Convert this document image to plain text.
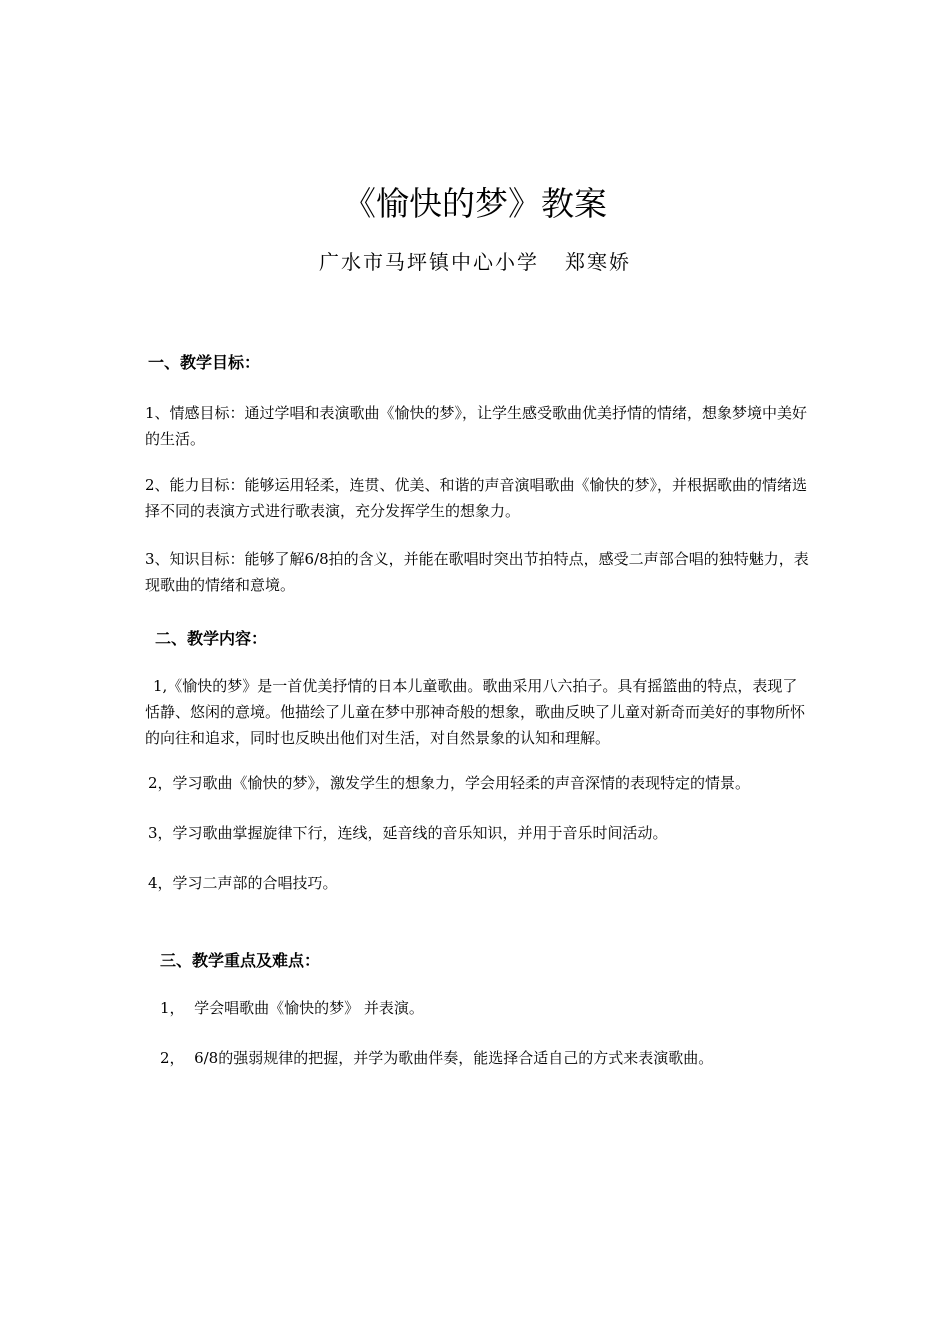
《愉快的梦》教案
广水市马坪镇中心小学 郑寒娇
一、教学目标：
1、情感目标：通过学唱和表演歌曲《愉快的梦》，让学生感受歌曲优美抒情的情绪，想象梦境中美好的生活。
2、能力目标：能够运用轻柔，连贯、优美、和谐的声音演唱歌曲《愉快的梦》，并根据歌曲的情绪选择不同的表演方式进行歌表演，充分发挥学生的想象力。
3、知识目标：能够了解6/8拍的含义，并能在歌唱时突出节拍特点，感受二声部合唱的独特魅力，表现歌曲的情绪和意境。
二、教学内容：
1,《愉快的梦》是一首优美抒情的日本儿童歌曲。歌曲采用八六拍子。具有摇篮曲的特点，表现了恬静、悠闲的意境。他描绘了儿童在梦中那神奇般的想象，歌曲反映了儿童对新奇而美好的事物所怀的向往和追求，同时也反映出他们对生活，对自然景象的认知和理解。
2，学习歌曲《愉快的梦》，激发学生的想象力，学会用轻柔的声音深情的表现特定的情景。
3，学习歌曲掌握旋律下行，连线，延音线的音乐知识，并用于音乐时间活动。
4，学习二声部的合唱技巧。
三、教学重点及难点：
1，  学会唱歌曲《愉快的梦》 并表演。
2，  6/8的强弱规律的把握，并学为歌曲伴奏，能选择合适自己的方式来表演歌曲。
